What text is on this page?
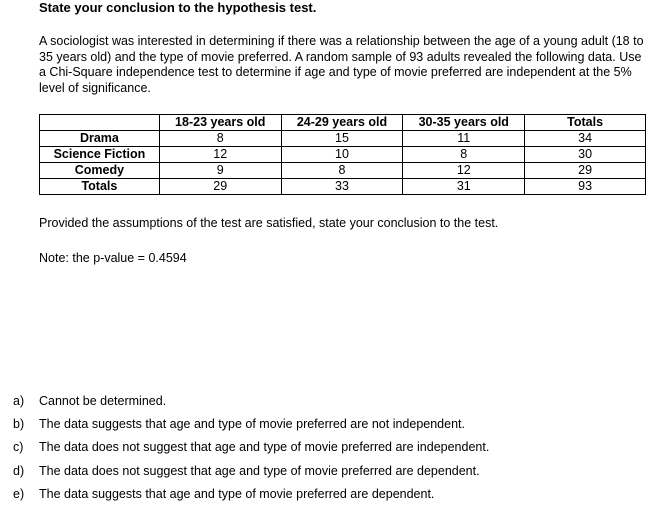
State your conclusion to the hypothesis test.
A sociologist was interested in determining if there was a relationship between the age of a young adult (18 to 35 years old) and the type of movie preferred. A random sample of 93 adults revealed the following data. Use a Chi-Square independence test to determine if age and type of movie preferred are independent at the 5% level of significance.
	18-23 years old	24-29 years old	30-35 years old	Totals
Drama	8	15	11	34
Science Fiction	12	10	8	30
Comedy	9	8	12	29
Totals	29	33	31	93
Provided the assumptions of the test are satisfied, state your conclusion to the test.
Note: the p-value = 0.4594
a)	Cannot be determined.
b)	The data suggests that age and type of movie preferred are not independent.
c)	The data does not suggest that age and type of movie preferred are independent.
d)	The data does not suggest that age and type of movie preferred are dependent.
e)	The data suggests that age and type of movie preferred are dependent.
